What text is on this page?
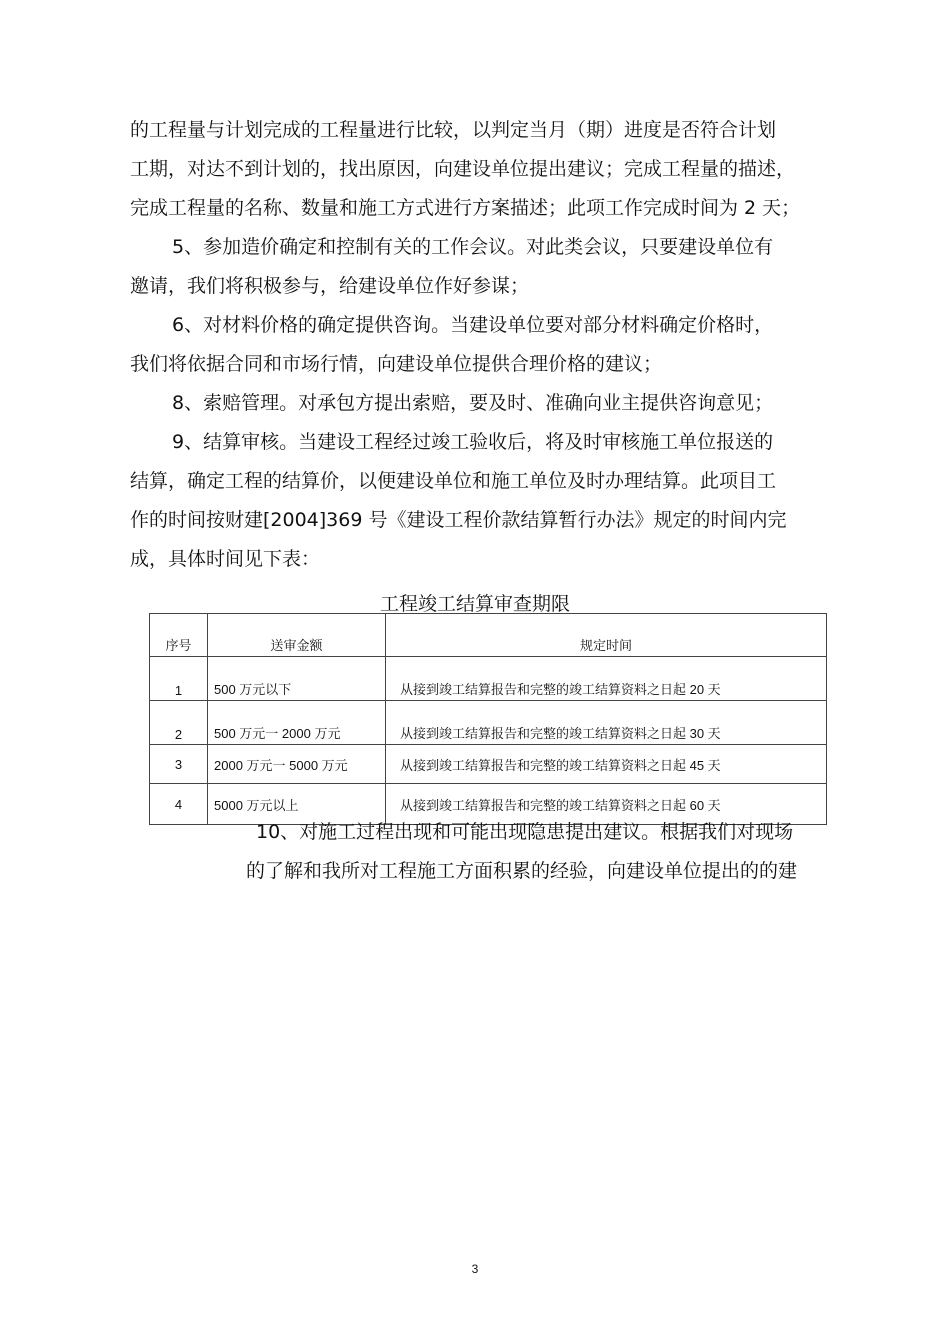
的工程量与计划完成的工程量进行比较，以判定当月（期）进度是否符合计划
工期，对达不到计划的，找出原因，向建设单位提出建议；完成工程量的描述，
完成工程量的名称、数量和施工方式进行方案描述；此项工作完成时间为 2 天；
5、参加造价确定和控制有关的工作会议。对此类会议，只要建设单位有
邀请，我们将积极参与，给建设单位作好参谋；
6、对材料价格的确定提供咨询。当建设单位要对部分材料确定价格时，
我们将依据合同和市场行情，向建设单位提供合理价格的建议；
8、索赔管理。对承包方提出索赔，要及时、准确向业主提供咨询意见；
9、结算审核。当建设工程经过竣工验收后，将及时审核施工单位报送的
结算，确定工程的结算价，以便建设单位和施工单位及时办理结算。此项目工
作的时间按财建[2004]369 号《建设工程价款结算暂行办法》规定的时间内完
成，具体时间见下表：
工程竣工结算审查期限
序号	送审金额	规定时间
1	500 万元以下	从接到竣工结算报告和完整的竣工结算资料之日起 20 天
2	500 万元一 2000 万元	从接到竣工结算报告和完整的竣工结算资料之日起 30 天
3	2000 万元一 5000 万元	从接到竣工结算报告和完整的竣工结算资料之日起 45 天
4	5000 万元以上	从接到竣工结算报告和完整的竣工结算资料之日起 60 天
10、对施工过程出现和可能出现隐患提出建议。根据我们对现场
的了解和我所对工程施工方面积累的经验，向建设单位提出的的建
3
